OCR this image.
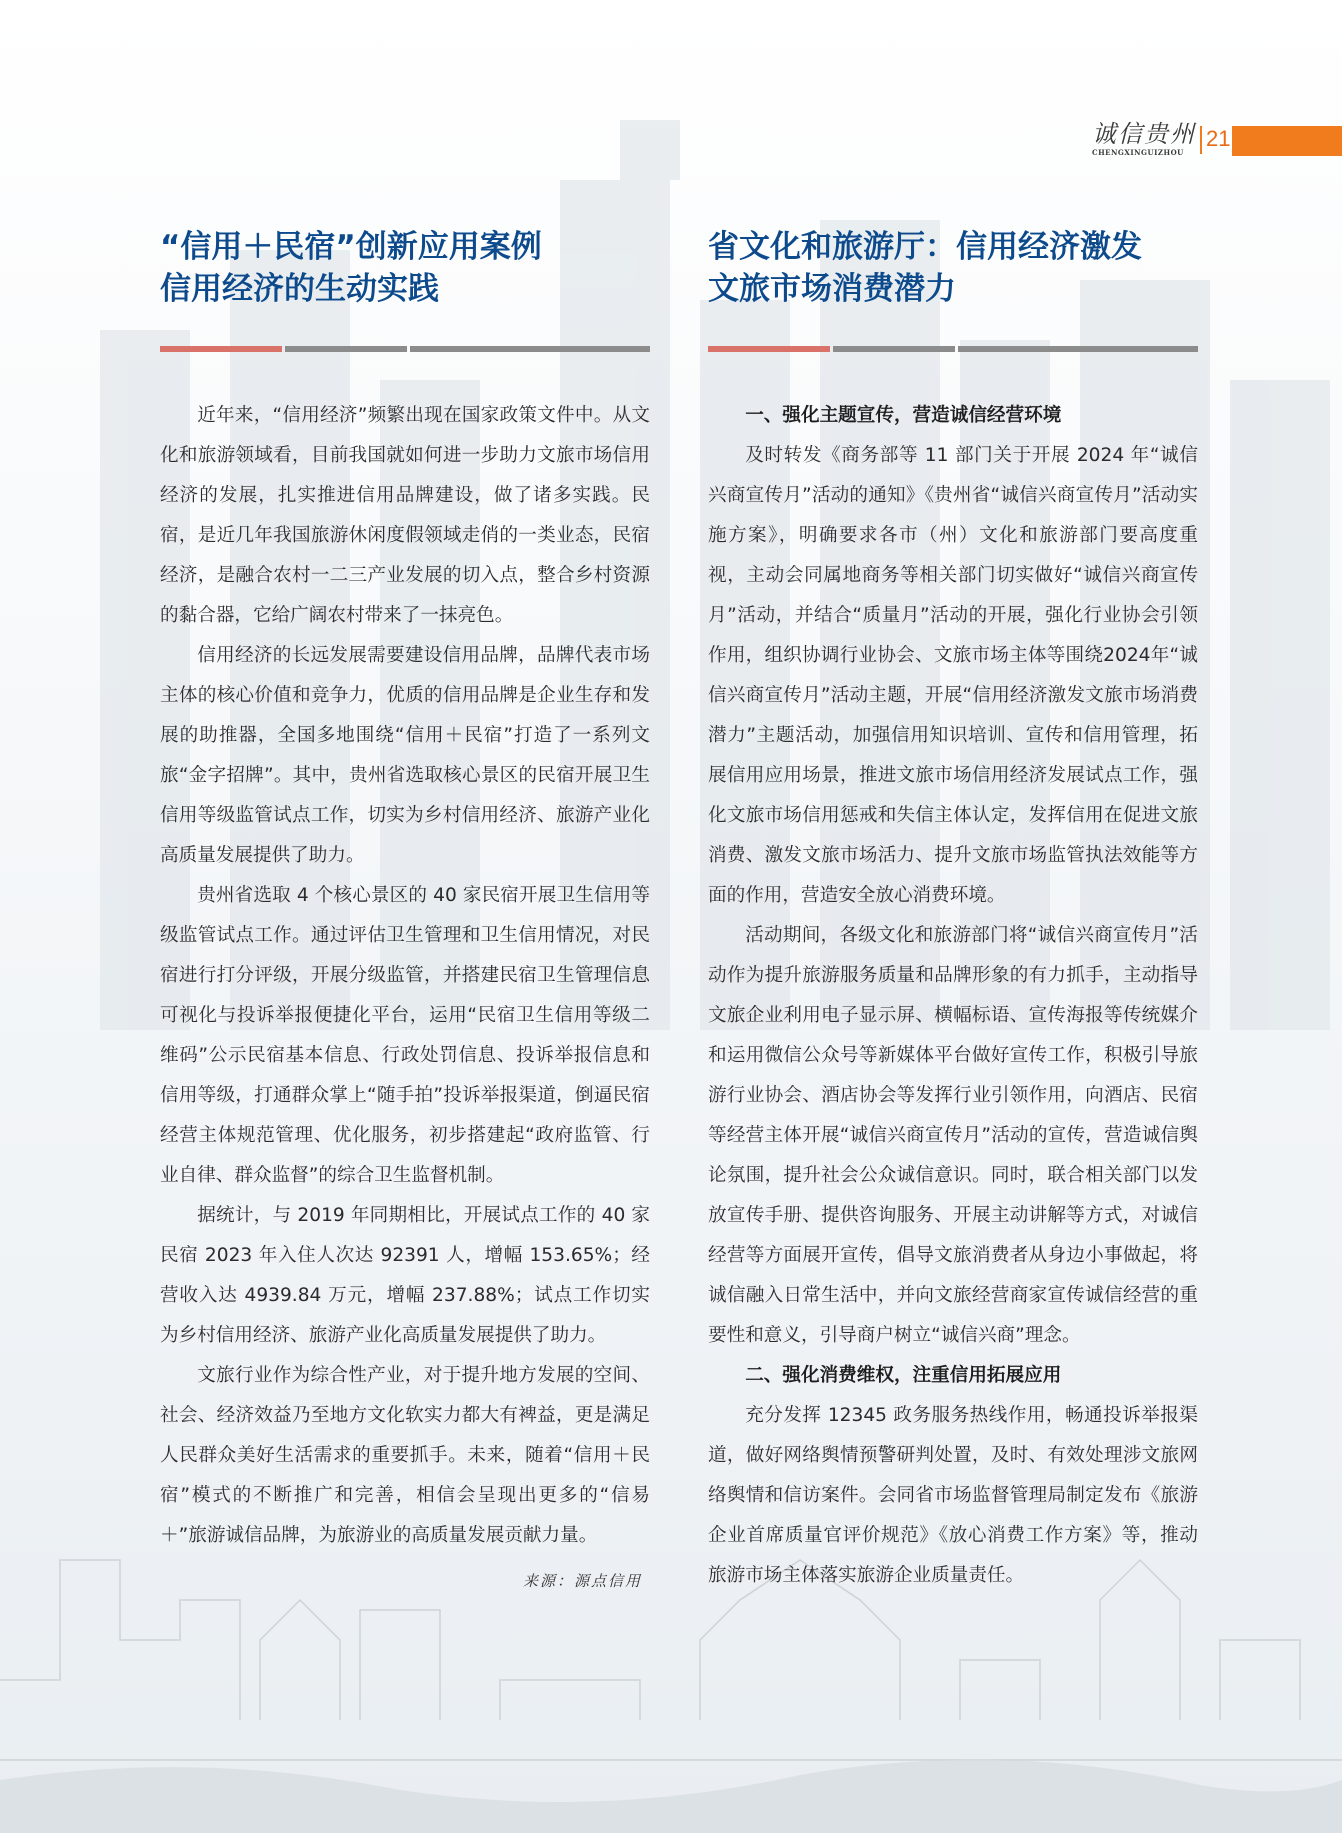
诚信贵州
CHENGXINGUIZHOU
21
“信用＋民宿”创新应用案例
信用经济的生动实践

近年来，“信用经济”频繁出现在国家政策文件中。从文化和旅游领域看，目前我国就如何进一步助力文旅市场信用经济的发展，扎实推进信用品牌建设，做了诸多实践。民宿，是近几年我国旅游休闲度假领域走俏的一类业态，民宿经济，是融合农村一二三产业发展的切入点，整合乡村资源的黏合器，它给广阔农村带来了一抹亮色。

信用经济的长远发展需要建设信用品牌，品牌代表市场主体的核心价值和竞争力，优质的信用品牌是企业生存和发展的助推器，全国多地围绕“信用＋民宿”打造了一系列文旅“金字招牌”。其中，贵州省选取核心景区的民宿开展卫生信用等级监管试点工作，切实为乡村信用经济、旅游产业化高质量发展提供了助力。

贵州省选取 4 个核心景区的 40 家民宿开展卫生信用等级监管试点工作。通过评估卫生管理和卫生信用情况，对民宿进行打分评级，开展分级监管，并搭建民宿卫生管理信息可视化与投诉举报便捷化平台，运用“民宿卫生信用等级二维码”公示民宿基本信息、行政处罚信息、投诉举报信息和信用等级，打通群众掌上“随手拍”投诉举报渠道，倒逼民宿经营主体规范管理、优化服务，初步搭建起“政府监管、行业自律、群众监督”的综合卫生监督机制。

据统计，与 2019 年同期相比，开展试点工作的 40 家民宿 2023 年入住人次达 92391 人，增幅 153.65%；经营收入达 4939.84 万元，增幅 237.88%；试点工作切实为乡村信用经济、旅游产业化高质量发展提供了助力。

文旅行业作为综合性产业，对于提升地方发展的空间、社会、经济效益乃至地方文化软实力都大有裨益，更是满足人民群众美好生活需求的重要抓手。未来，随着“信用＋民宿”模式的不断推广和完善，相信会呈现出更多的“信易＋”旅游诚信品牌，为旅游业的高质量发展贡献力量。

来源：源点信用
省文化和旅游厅：信用经济激发
文旅市场消费潜力
一、强化主题宣传，营造诚信经营环境

及时转发《商务部等 11 部门关于开展 2024 年“诚信兴商宣传月”活动的通知》《贵州省“诚信兴商宣传月”活动实施方案》，明确要求各市（州）文化和旅游部门要高度重视，主动会同属地商务等相关部门切实做好“诚信兴商宣传月”活动，并结合“质量月”活动的开展，强化行业协会引领作用，组织协调行业协会、文旅市场主体等围绕2024年“诚信兴商宣传月”活动主题，开展“信用经济激发文旅市场消费潜力”主题活动，加强信用知识培训、宣传和信用管理，拓展信用应用场景，推进文旅市场信用经济发展试点工作，强化文旅市场信用惩戒和失信主体认定，发挥信用在促进文旅消费、激发文旅市场活力、提升文旅市场监管执法效能等方面的作用，营造安全放心消费环境。

活动期间，各级文化和旅游部门将“诚信兴商宣传月”活动作为提升旅游服务质量和品牌形象的有力抓手，主动指导文旅企业利用电子显示屏、横幅标语、宣传海报等传统媒介和运用微信公众号等新媒体平台做好宣传工作，积极引导旅游行业协会、酒店协会等发挥行业引领作用，向酒店、民宿等经营主体开展“诚信兴商宣传月”活动的宣传，营造诚信舆论氛围，提升社会公众诚信意识。同时，联合相关部门以发放宣传手册、提供咨询服务、开展主动讲解等方式，对诚信经营等方面展开宣传，倡导文旅消费者从身边小事做起，将诚信融入日常生活中，并向文旅经营商家宣传诚信经营的重要性和意义，引导商户树立“诚信兴商”理念。

二、强化消费维权，注重信用拓展应用

充分发挥 12345 政务服务热线作用，畅通投诉举报渠道，做好网络舆情预警研判处置，及时、有效处理涉文旅网络舆情和信访案件。会同省市场监督管理局制定发布《旅游企业首席质量官评价规范》《放心消费工作方案》等，推动旅游市场主体落实旅游企业质量责任。
